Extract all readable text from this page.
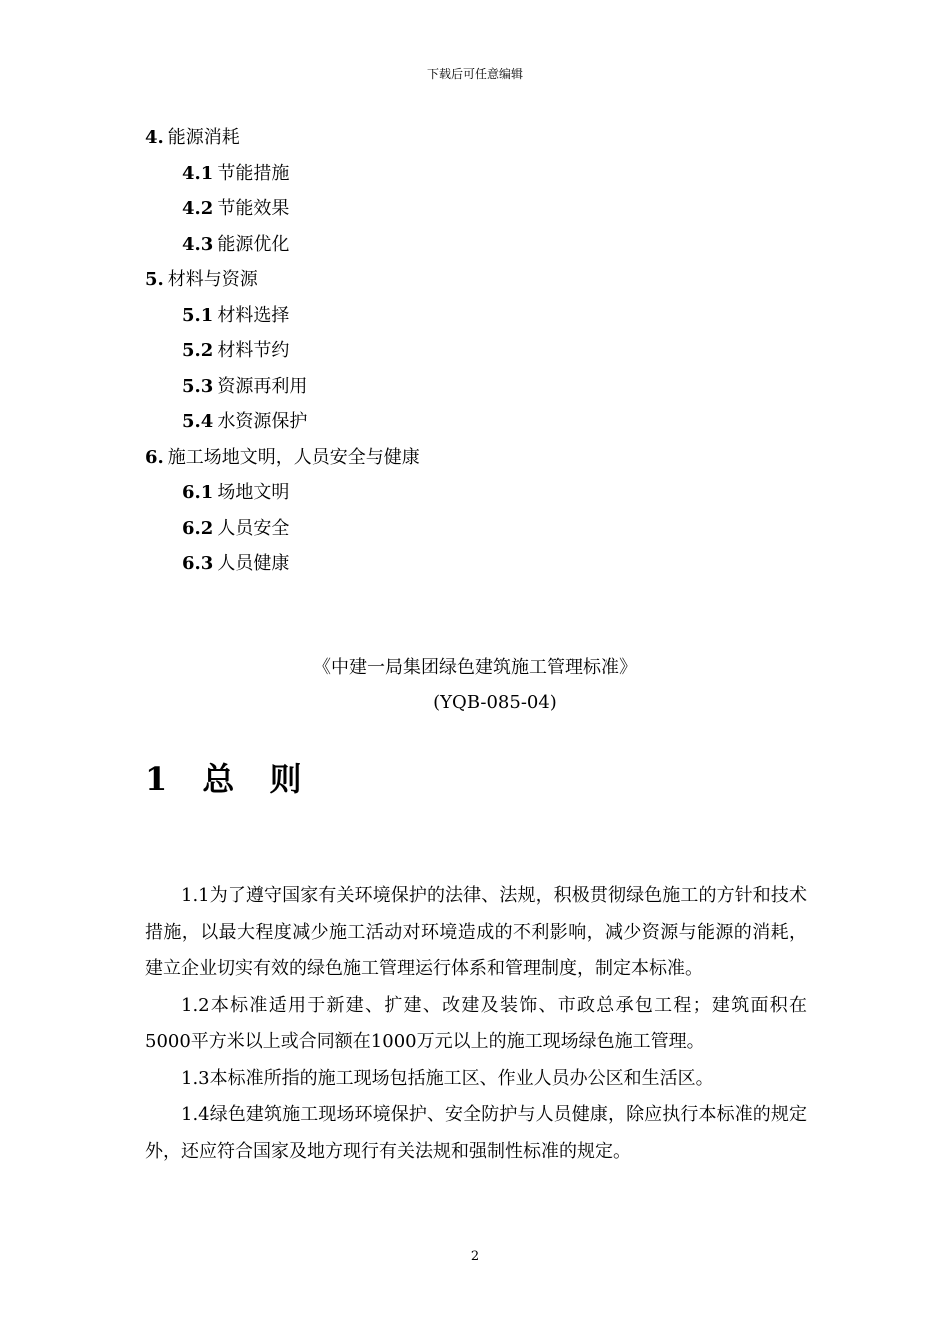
下载后可任意编辑
4. 能源消耗
4.1 节能措施
4.2 节能效果
4.3 能源优化
5. 材料与资源
5.1 材料选择
5.2 材料节约
5.3 资源再利用
5.4 水资源保护
6. 施工场地文明，人员安全与健康
6.1 场地文明
6.2 人员安全
6.3 人员健康
《中建一局集团绿色建筑施工管理标准》
(YQB-085-04)
1 总 则

1.1为了遵守国家有关环境保护的法律、法规，积极贯彻绿色施工的方针和技术措施，以最大程度减少施工活动对环境造成的不利影响，减少资源与能源的消耗，建立企业切实有效的绿色施工管理运行体系和管理制度，制定本标准。

1.2本标准适用于新建、扩建、改建及装饰、市政总承包工程；建筑面积在5000平方米以上或合同额在1000万元以上的施工现场绿色施工管理。

1.3本标准所指的施工现场包括施工区、作业人员办公区和生活区。

1.4绿色建筑施工现场环境保护、安全防护与人员健康，除应执行本标准的规定外，还应符合国家及地方现行有关法规和强制性标准的规定。

2
